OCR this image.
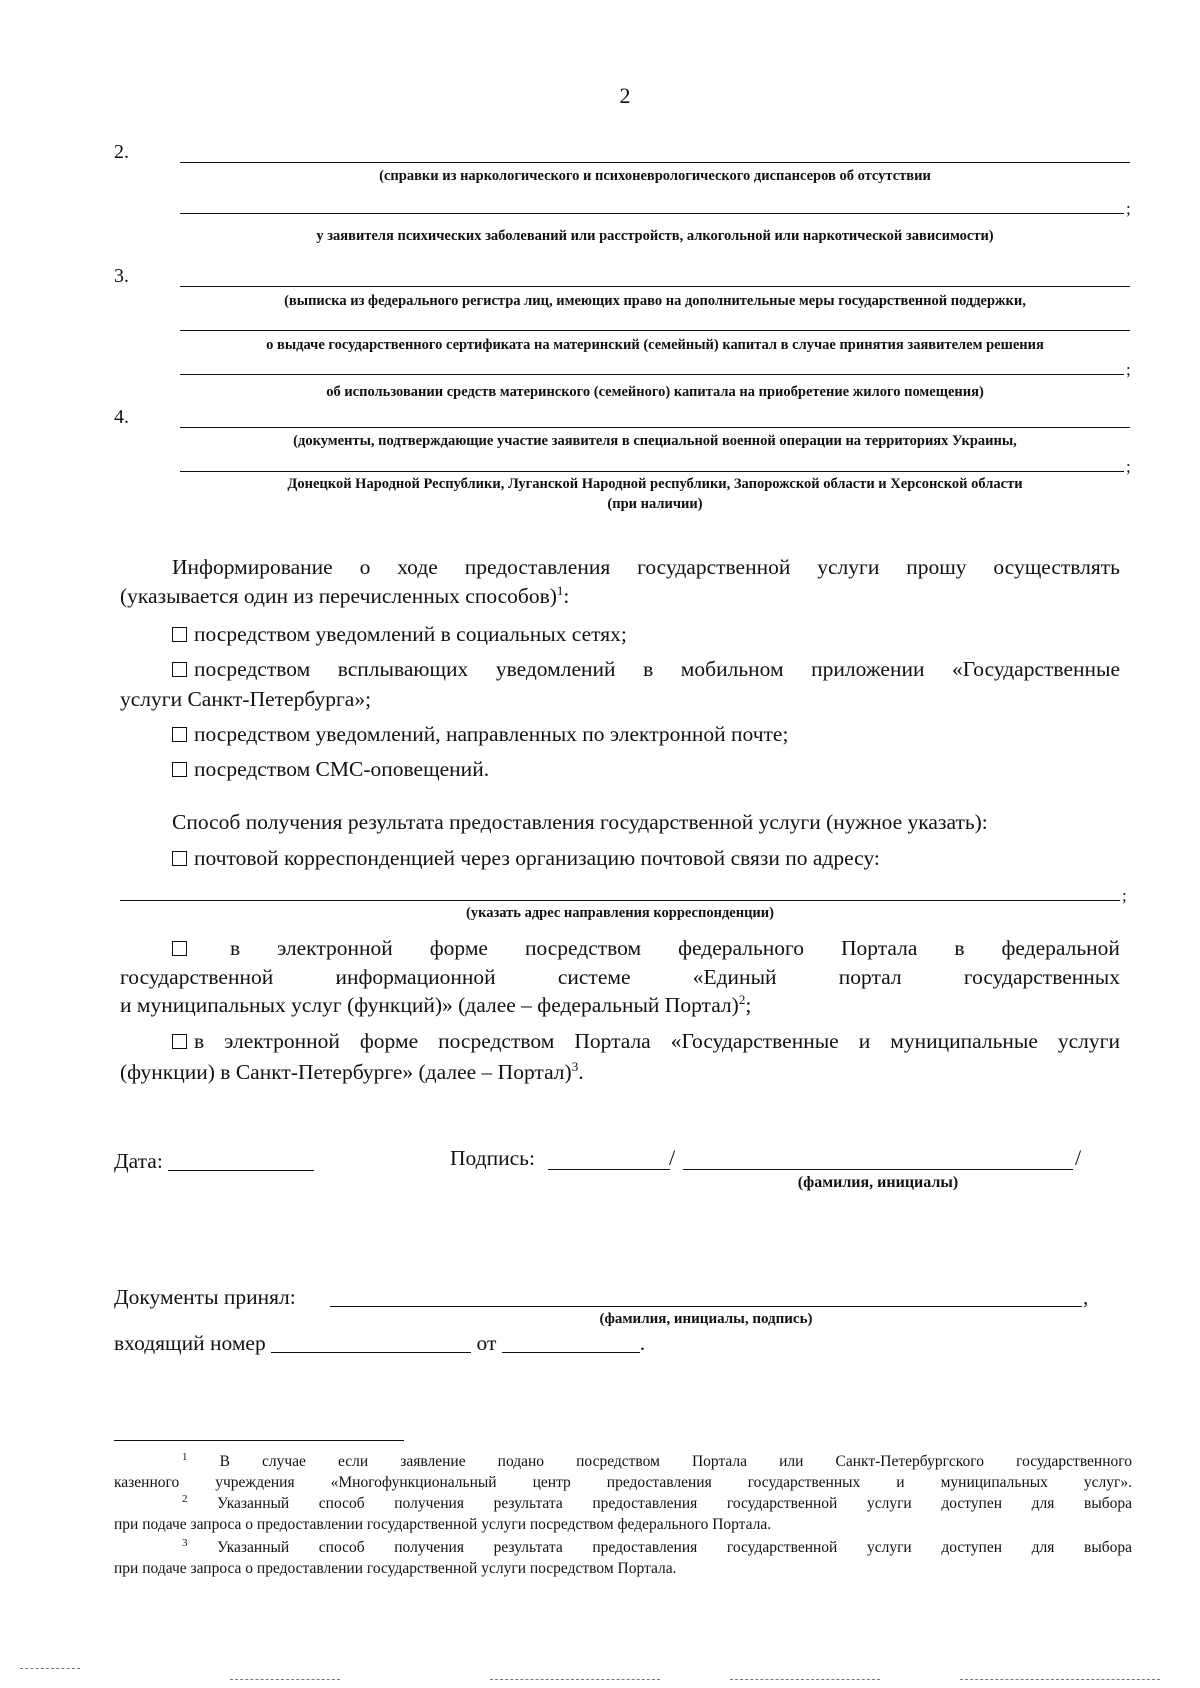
2
2.
(справки из наркологического и психоневрологического диспансеров об отсутствии
;
у заявителя психических заболеваний или расстройств, алкогольной или наркотической зависимости)
3.
(выписка из федерального регистра лиц, имеющих право на дополнительные меры государственной поддержки,
о выдаче государственного сертификата на материнский (семейный) капитал в случае принятия заявителем решения
;
об использовании средств материнского (семейного) капитала на приобретение жилого помещения)
4.
(документы, подтверждающие участие заявителя в специальной военной операции на территориях Украины,
;
Донецкой Народной Республики, Луганской Народной республики, Запорожской области и Херсонской области
(при наличии)
Информирование о ходе предоставления государственной услуги прошу осуществлять
(указывается один из перечисленных способов)$^1$:
посредством уведомлений в социальных сетях;
посредством всплывающих уведомлений в мобильном приложении «Государственные
услуги Санкт-Петербурга»;
посредством уведомлений, направленных по электронной почте;
посредством СМС-оповещений.
Способ получения результата предоставления государственной услуги (нужное указать):
почтовой корреспонденцией через организацию почтовой связи по адресу:
;
(указать адрес направления корреспонденции)
в электронной форме посредством федерального Портала в федеральной
государственной	информационной	системе	«Единый	портал	государственных
и муниципальных услуг (функций)» (далее – федеральный Портал)$^2$;
в электронной форме посредством Портала «Государственные и муниципальные услуги
(функции) в Санкт-Петербурге» (далее – Портал)$^3$.
Дата:	Подпись:	/	/
(фамилия, инициалы)
Документы принял:	,
(фамилия, инициалы, подпись)
входящий номер	от	.
$^1$ В случае если заявление подано посредством Портала или Санкт-Петербургского государственного
казенного учреждения «Многофункциональный центр предоставления государственных и муниципальных услуг».
$^2$ Указанный способ получения результата предоставления государственной услуги доступен для выбора
при подаче запроса о предоставлении государственной услуги посредством федерального Портала.
$^3$ Указанный способ получения результата предоставления государственной услуги доступен для выбора
при подаче запроса о предоставлении государственной услуги посредством Портала.
